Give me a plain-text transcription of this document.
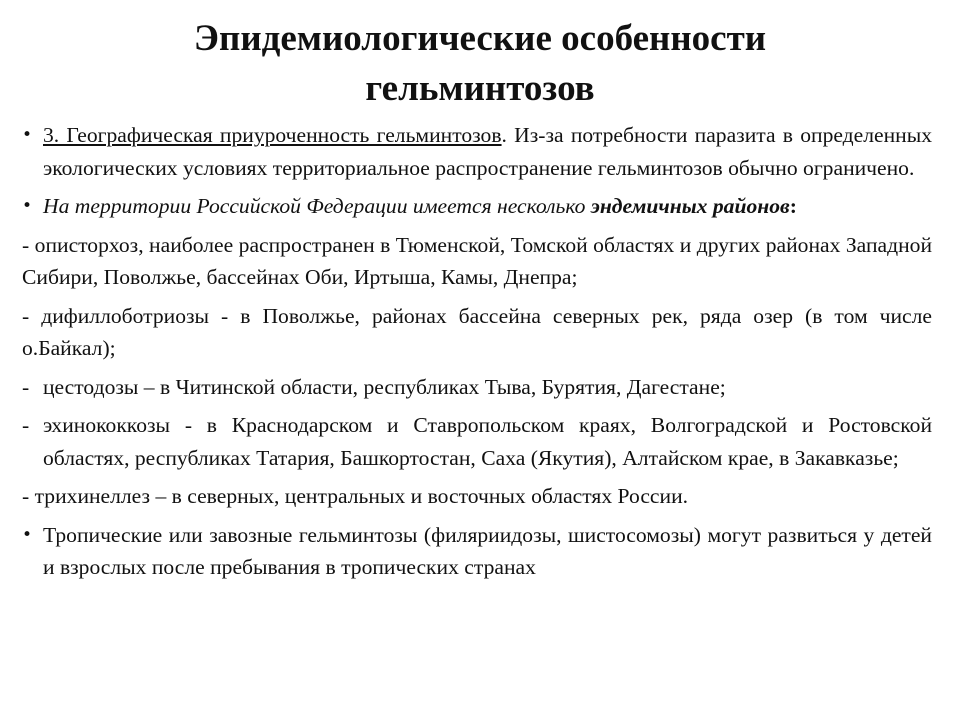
Эпидемиологические особенности
гельминтозов

• 3. Географическая приуроченность гельминтозов. Из-за потребности паразита в определенных экологических условиях территориальное распространение гельминтозов обычно ограничено.

• На территории Российской Федерации имеется несколько эндемичных районов:

- описторхоз, наиболее распространен в Тюменской, Томской областях и других районах Западной Сибири, Поволжье, бассейнах Оби, Иртыша, Камы, Днепра;

- дифиллоботриозы - в Поволжье, районах бассейна северных рек, ряда озер (в том числе о.Байкал);

- цестодозы – в Читинской области, республиках Тыва, Бурятия, Дагестане;

- эхинококкозы - в Краснодарском и Ставропольском краях, Волгоградской и Ростовской областях, республиках Татария, Башкортостан, Саха (Якутия), Алтайском крае, в Закавказье;

- трихинеллез – в северных, центральных и восточных областях России.

• Тропические или завозные гельминтозы (филяриидозы, шистосомозы) могут развиться у детей и взрослых после пребывания в тропических странах
